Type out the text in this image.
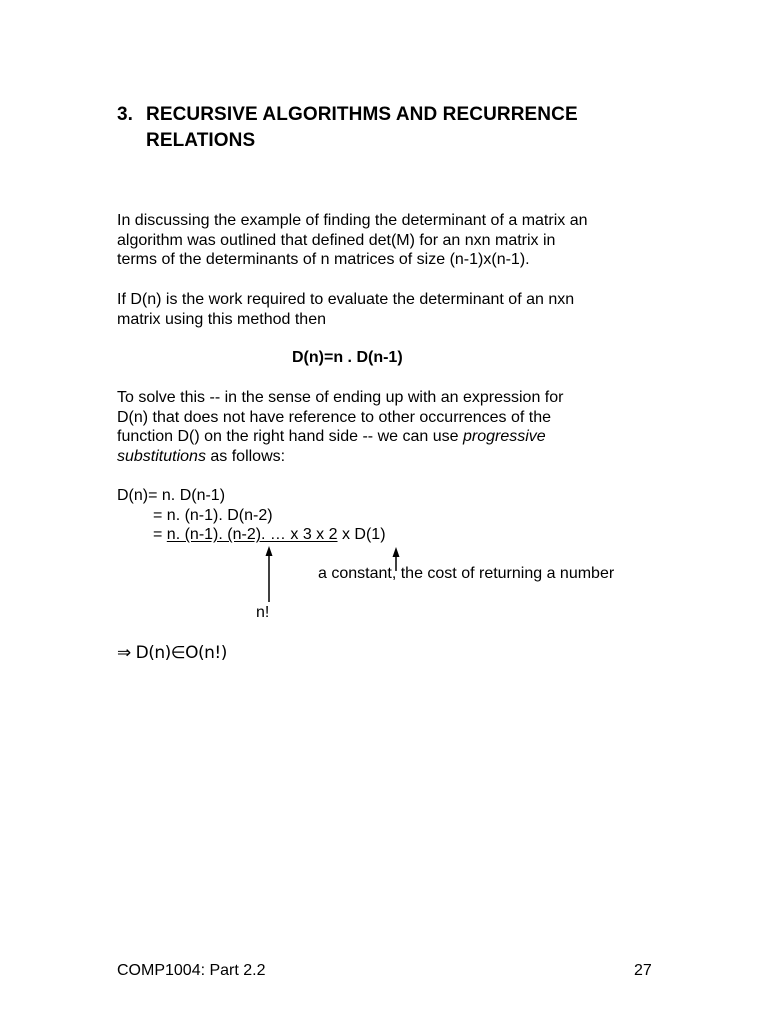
3. RECURSIVE ALGORITHMS AND RECURRENCE
RELATIONS
In discussing the example of finding the determinant of a matrix an
algorithm was outlined that defined det(M) for an nxn matrix in
terms of the determinants of n matrices of size (n-1)x(n-1).
If D(n) is the work required to evaluate the determinant of an nxn
matrix using this method then
D(n)=n . D(n-1)
To solve this -- in the sense of ending up with an expression for
D(n) that does not have reference to other occurrences of the
function D() on the right hand side -- we can use progressive
substitutions as follows:
D(n)= n. D(n-1)
= n. (n-1). D(n-2)
= n. (n-1). (n-2). … x 3 x 2 x D(1)
a constant, the cost of returning a number
n!
⇒ D(n)∈O(n!)
COMP1004: Part 2.2	27
